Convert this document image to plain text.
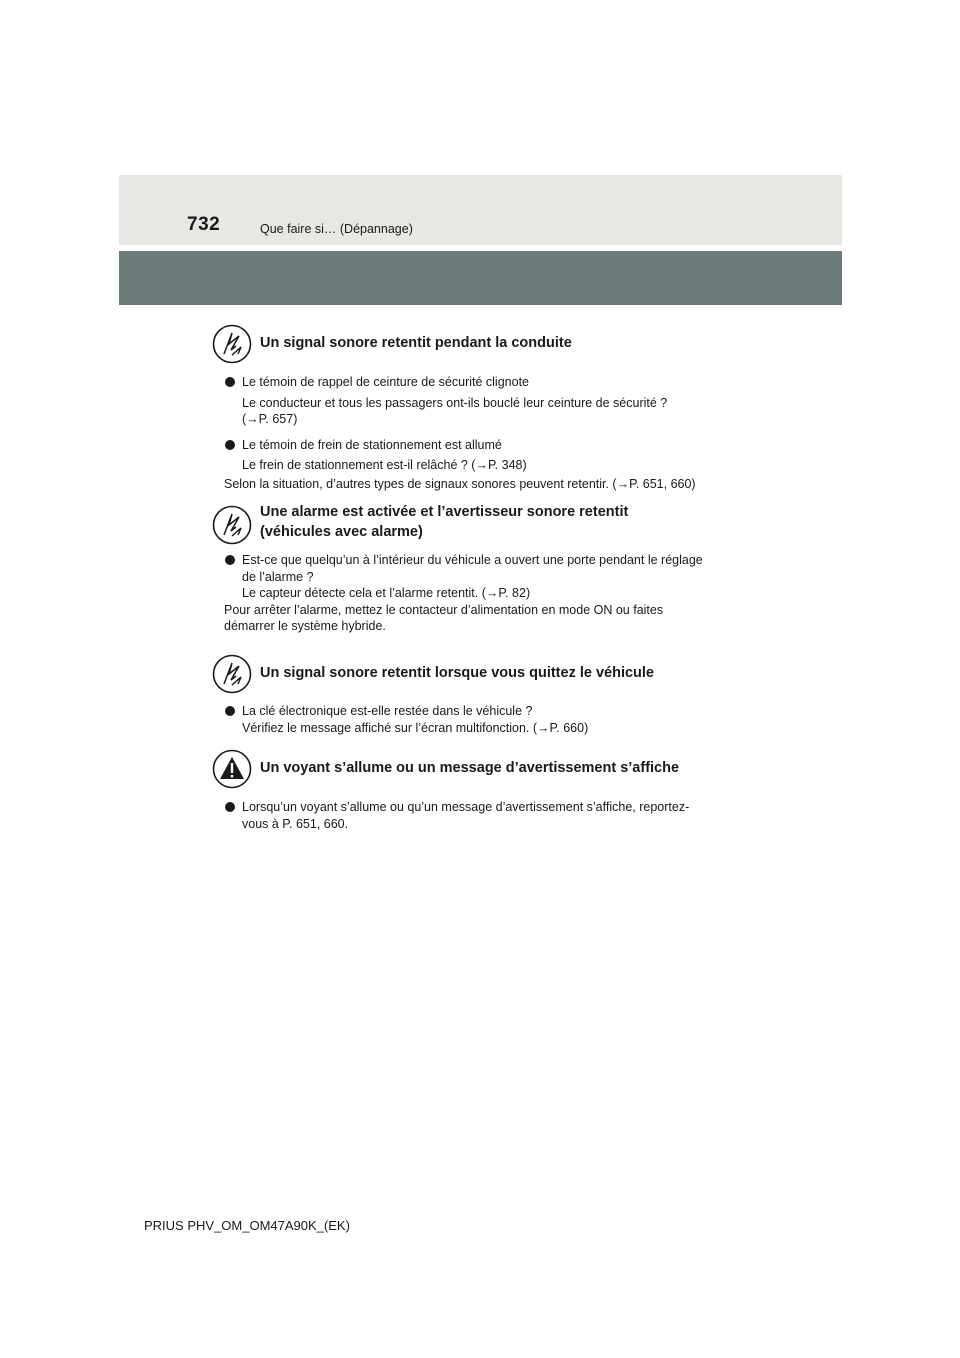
732	Que faire si… (Dépannage)
Un signal sonore retentit pendant la conduite
Le témoin de rappel de ceinture de sécurité clignote
Le conducteur et tous les passagers ont-ils bouclé leur ceinture de sécurité ?
(→P. 657)
Le témoin de frein de stationnement est allumé
Le frein de stationnement est-il relâché ? (→P. 348)
Selon la situation, d’autres types de signaux sonores peuvent retentir. (→P. 651, 660)
Une alarme est activée et l’avertisseur sonore retentit
(véhicules avec alarme)
Est-ce que quelqu’un à l’intérieur du véhicule a ouvert une porte pendant le réglage
de l’alarme ?
Le capteur détecte cela et l’alarme retentit. (→P. 82)
Pour arrêter l’alarme, mettez le contacteur d’alimentation en mode ON ou faites
démarrer le système hybride.
Un signal sonore retentit lorsque vous quittez le véhicule
La clé électronique est-elle restée dans le véhicule ?
Vérifiez le message affiché sur l’écran multifonction. (→P. 660)
Un voyant s’allume ou un message d’avertissement s’affiche
Lorsqu’un voyant s’allume ou qu’un message d’avertissement s’affiche, reportez-
vous à P. 651, 660.
PRIUS PHV_OM_OM47A90K_(EK)
